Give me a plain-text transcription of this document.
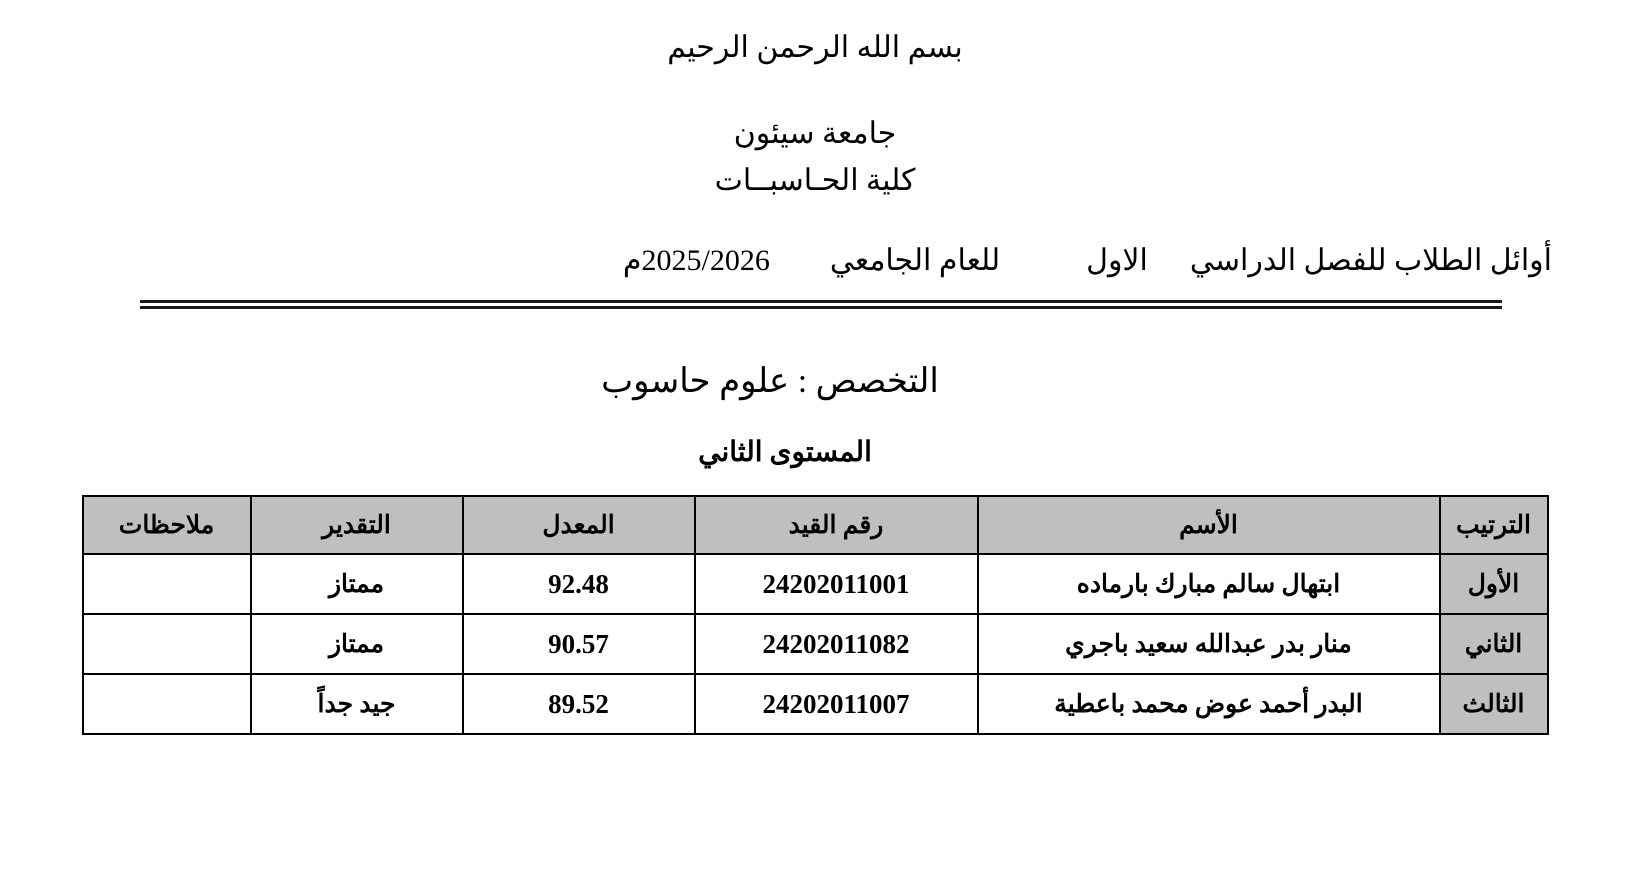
بسم الله الرحمن الرحيم
جامعة سيئون
كلية الحـاسبــات
أوائل الطلاب للفصل الدراسي
الاول
للعام الجامعي
2025/2026م
التخصص : علوم حاسوب
المستوى الثاني
الترتيب	الأسم	رقم القيد	المعدل	التقدير	ملاحظات
الأول	ابتهال سالم مبارك بارماده	24202011001	92.48	ممتاز	
الثاني	منار بدر عبدالله سعيد باجري	24202011082	90.57	ممتاز	
الثالث	البدر أحمد عوض محمد باعطية	24202011007	89.52	جيد جداً	
